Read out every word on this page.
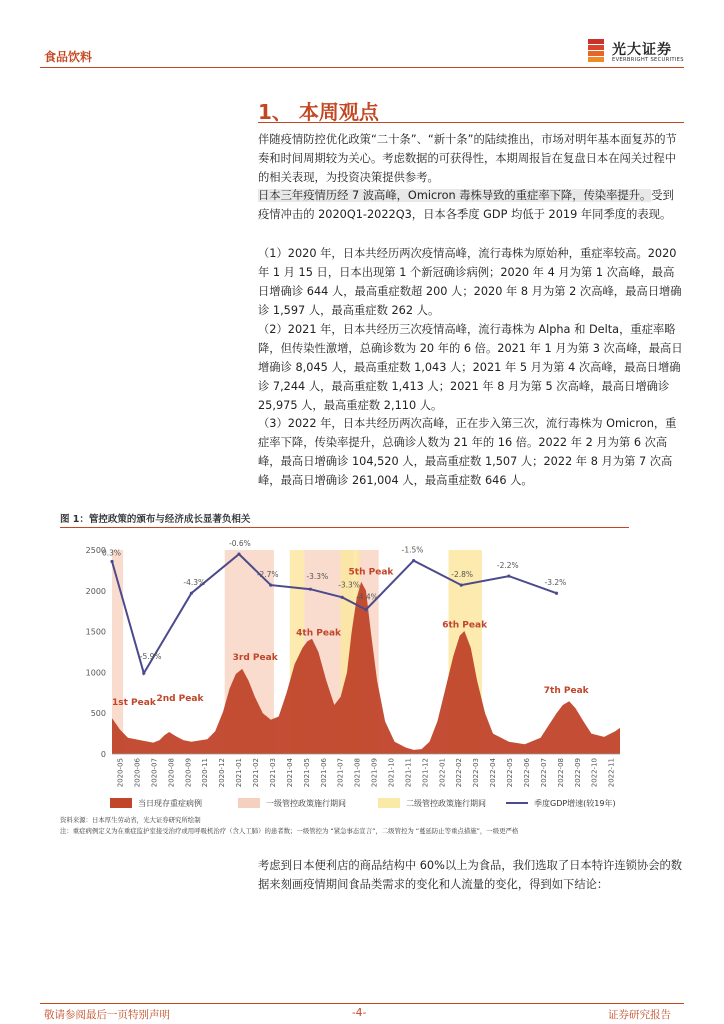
食品饮料	光大证券
EVERBRIGHT SECURITIES
1、 本周观点
伴随疫情防控优化政策“二十条”、“新十条”的陆续推出，市场对明年基本面复苏的节奏和时间周期较为关心。考虑数据的可获得性，本期周报旨在复盘日本在闯关过程中的相关表现，为投资决策提供参考。
日本三年疫情历经 7 波高峰，Omicron 毒株导致的重症率下降，传染率提升。受到疫情冲击的 2020Q1-2022Q3，日本各季度 GDP 均低于 2019 年同季度的表现。
（1）2020 年，日本共经历两次疫情高峰，流行毒株为原始种，重症率较高。2020 年 1 月 15 日，日本出现第 1 个新冠确诊病例；2020 年 4 月为第 1 次高峰，最高日增确诊 644 人，最高重症数超 200 人；2020 年 8 月为第 2 次高峰，最高日增确诊 1,597 人，最高重症数 262 人。
（2）2021 年，日本共经历三次疫情高峰，流行毒株为 Alpha 和 Delta，重症率略降，但传染性激增，总确诊数为 20 年的 6 倍。2021 年 1 月为第 3 次高峰，最高日增确诊 8,045 人，最高重症数 1,043 人；2021 年 5 月为第 4 次高峰，最高日增确诊 7,244 人，最高重症数 1,413 人；2021 年 8 月为第 5 次高峰，最高日增确诊 25,975 人，最高重症数 2,110 人。
（3）2022 年，日本共经历两次高峰，正在步入第三次，流行毒株为 Omicron，重症率下降，传染率提升，总确诊人数为 21 年的 16 倍。2022 年 2 月为第 6 次高峰，最高日增确诊 104,520 人，最高重症数 1,507 人；2022 年 8 月为第 7 次高峰，最高日增确诊 261,004 人，最高重症数 646 人。
图 1：管控政策的颁布与经济成长显著负相关
0
500
1000
1500
2000
2500
0.3%
-5.9%
-4.3%
-0.6%
-2.7%	-3.3%
-3.3%
-4.4%
-1.5%
-2.8%
-2.2%
-3.2%
1st Peak 2nd Peak
3rd Peak
4th Peak
5th Peak
6th Peak
7th Peak
2020-05 2020-06 2020-07 2020-08 2020-09 2020-11 2020-12 2021-01 2021-02 2021-03 2021-04 2021-05 2021-06 2021-07 2021-08 2021-09 2021-10 2021-11 2021-12 2022-01 2022-02 2022-03 2022-04 2022-05 2022-06 2022-07 2022-08 2022-09 2022-10 2022-11
当日现存重症病例	一级管控政策施行期间	二级管控政策施行期间	季度GDP增速(较19年)
资料来源：日本厚生劳动省，光大证券研究所绘制
注：重症病例定义为在重症监护室接受治疗或用呼吸机治疗（含人工肺）的患者数；一级管控为 “紧急事态宣言”，二级管控为 “蔓延防止等重点措施”，一级更严格
考虑到日本便利店的商品结构中 60%以上为食品，我们选取了日本特许连锁协会的数据来刻画疫情期间食品类需求的变化和人流量的变化，得到如下结论：
敬请参阅最后一页特别声明	-4-	证券研究报告
